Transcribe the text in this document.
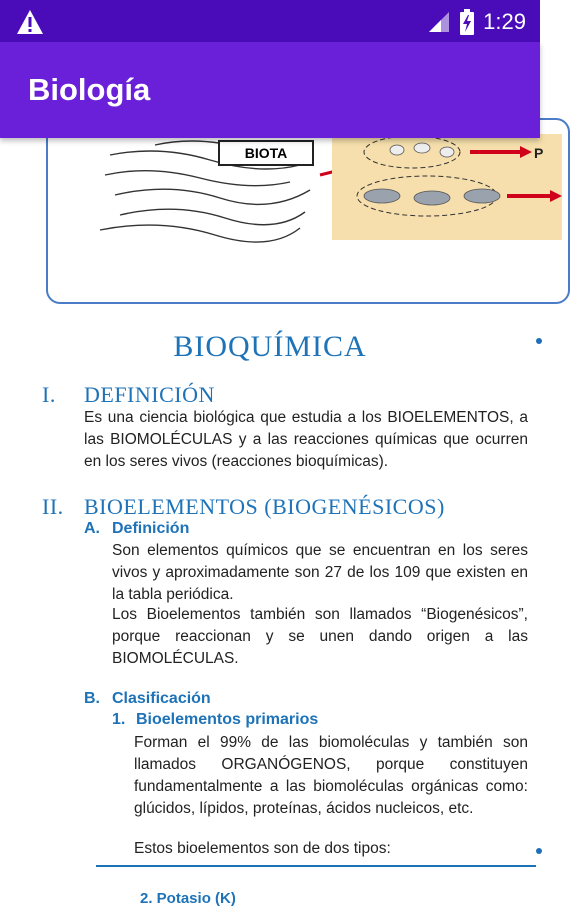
1:29
Biología
BIOTA	P
BIOQUÍMICA
I. DEFINICIÓN
Es una ciencia biológica que estudia a los BIOELEMENTOS, a las BIOMOLÉCULAS y a las reacciones químicas que ocurren en los seres vivos (reacciones bioquímicas).
II. BIOELEMENTOS (BIOGENÉSICOS)
A. Definición
Son elementos químicos que se encuentran en los seres vivos y aproximadamente son 27 de los 109 que existen en la tabla periódica.
Los Bioelementos también son llamados “Biogenésicos”, porque reaccionan y se unen dando origen a las BIOMOLÉCULAS.
B. Clasificación
1. Bioelementos primarios
Forman el 99% de las biomoléculas y también son llamados ORGANÓGENOS, porque constituyen fundamentalmente a las biomoléculas orgánicas como: glúcidos, lípidos, proteínas, ácidos nucleicos, etc.
Estos bioelementos son de dos tipos:
2. Potasio (K)
